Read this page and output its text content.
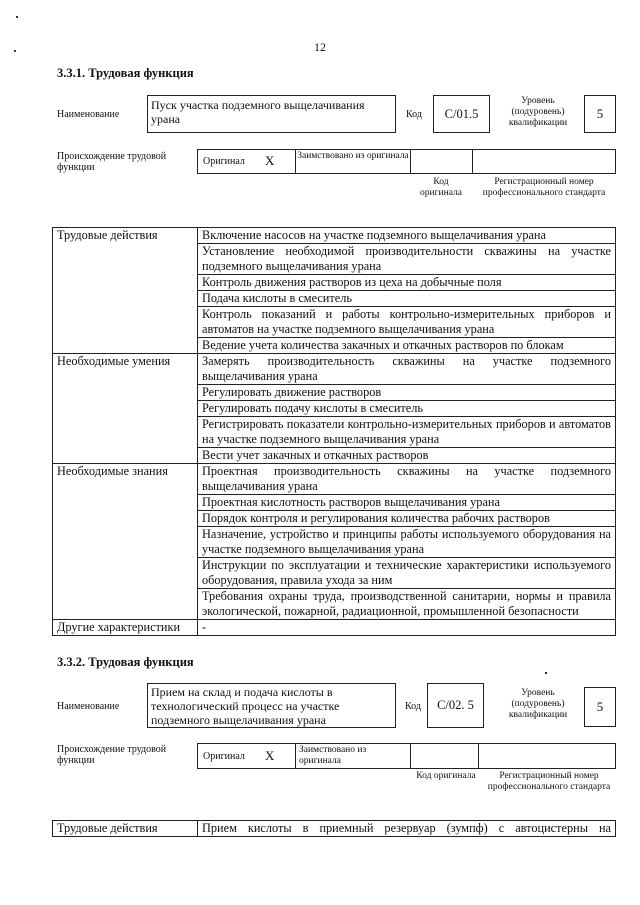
12
3.3.1. Трудовая функция
Наименование
Пуск участка подземного выщелачивания урана	Код С/01.5
Уровень (подуровень) квалификации
5
Происхождение трудовой функции
Оригинал X Заимствовано из оригинала
Код оригинала
Регистрационный номер профессионального стандарта
Трудовые действия	Включение насосов на участке подземного выщелачивания урана
	Установление необходимой производительности скважины на участке подземного выщелачивания урана
	Контроль движения растворов из цеха на добычные поля
	Подача кислоты в смеситель
	Контроль показаний и работы контрольно-измерительных приборов и автоматов на участке подземного выщелачивания урана
	Ведение учета количества закачных и откачных растворов по блокам
Необходимые умения	Замерять производительность скважины на участке подземного выщелачивания урана
	Регулировать движение растворов
	Регулировать подачу кислоты в смеситель
	Регистрировать показатели контрольно-измерительных приборов и автоматов на участке подземного выщелачивания урана
	Вести учет закачных и откачных растворов
Необходимые знания	Проектная производительность скважины на участке подземного выщелачивания урана
	Проектная кислотность растворов выщелачивания урана
	Порядок контроля и регулирования количества рабочих растворов
	Назначение, устройство и принципы работы используемого оборудования на участке подземного выщелачивания урана
	Инструкции по эксплуатации и технические характеристики используемого оборудования, правила ухода за ним
	Требования охраны труда, производственной санитарии, нормы и правила экологической, пожарной, радиационной, промышленной безопасности
Другие характеристики	-
3.3.2. Трудовая функция
Наименование
Прием на склад и подача кислоты в технологический процесс на участке подземного выщелачивания урана
Код С/02. 5
Уровень (подуровень) квалификации
5
Происхождение трудовой функции	Оригинал X	Заимствовано из оригинала
Код оригинала	Регистрационный номер профессионального стандарта
Трудовые действия	Прием кислоты в приемный резервуар (зумпф) с автоцистерны на
